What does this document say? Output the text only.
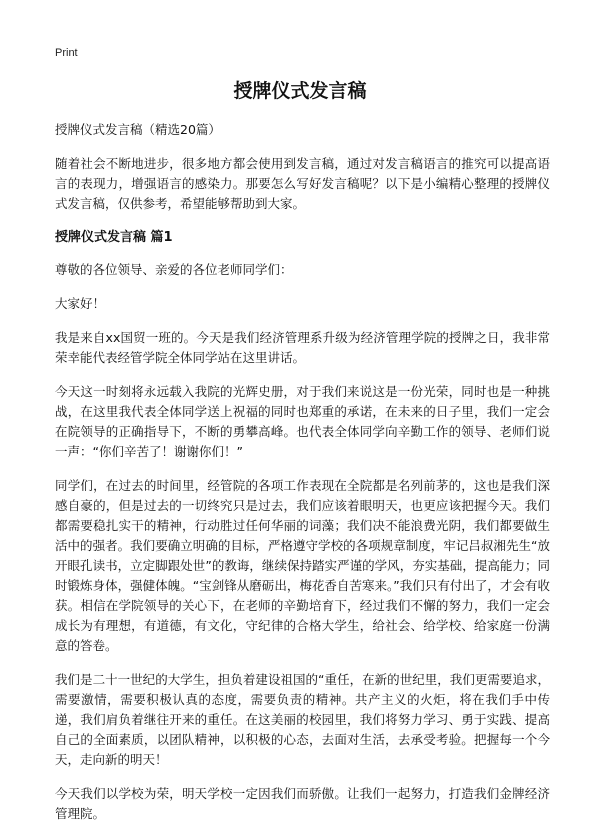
Print
授牌仪式发言稿

授牌仪式发言稿（精选20篇）

随着社会不断地进步，很多地方都会使用到发言稿，通过对发言稿语言的推究可以提高语言的表现力，增强语言的感染力。那要怎么写好发言稿呢？以下是小编精心整理的授牌仪式发言稿，仅供参考，希望能够帮助到大家。

授牌仪式发言稿 篇1

尊敬的各位领导、亲爱的各位老师同学们：

大家好！

我是来自xx国贸一班的。今天是我们经济管理系升级为经济管理学院的授牌之日，我非常荣幸能代表经管学院全体同学站在这里讲话。

今天这一时刻将永远载入我院的光辉史册，对于我们来说这是一份光荣，同时也是一种挑战，在这里我代表全体同学送上祝福的同时也郑重的承诺，在未来的日子里，我们一定会在院领导的正确指导下，不断的勇攀高峰。也代表全体同学向辛勤工作的领导、老师们说一声：“你们辛苦了！谢谢你们！”

同学们，在过去的时间里，经管院的各项工作表现在全院都是名列前茅的，这也是我们深感自豪的，但是过去的一切终究只是过去，我们应该着眼明天，也更应该把握今天。我们都需要稳扎实干的精神，行动胜过任何华丽的词藻；我们决不能浪费光阴，我们都要做生活中的强者。我们要确立明确的目标，严格遵守学校的各项规章制度，牢记吕叔湘先生“放开眼孔读书，立定脚跟处世”的教诲，继续保持踏实严谨的学风，夯实基础，提高能力；同时锻炼身体，强健体魄。“宝剑锋从磨砺出，梅花香自苦寒来。”我们只有付出了，才会有收获。相信在学院领导的关心下，在老师的辛勤培育下，经过我们不懈的努力，我们一定会成长为有理想，有道德，有文化，守纪律的合格大学生，给社会、给学校、给家庭一份满意的答卷。

我们是二十一世纪的大学生，担负着建设祖国的“重任，在新的世纪里，我们更需要追求，需要激情，需要积极认真的态度，需要负责的精神。共产主义的火炬，将在我们手中传递，我们肩负着继往开来的重任。在这美丽的校园里，我们将努力学习、勇于实践、提高自己的全面素质，以团队精神，以积极的心态，去面对生活，去承受考验。把握每一个今天，走向新的明天！

今天我们以学校为荣，明天学校一定因我们而骄傲。让我们一起努力，打造我们金牌经济管理院。
